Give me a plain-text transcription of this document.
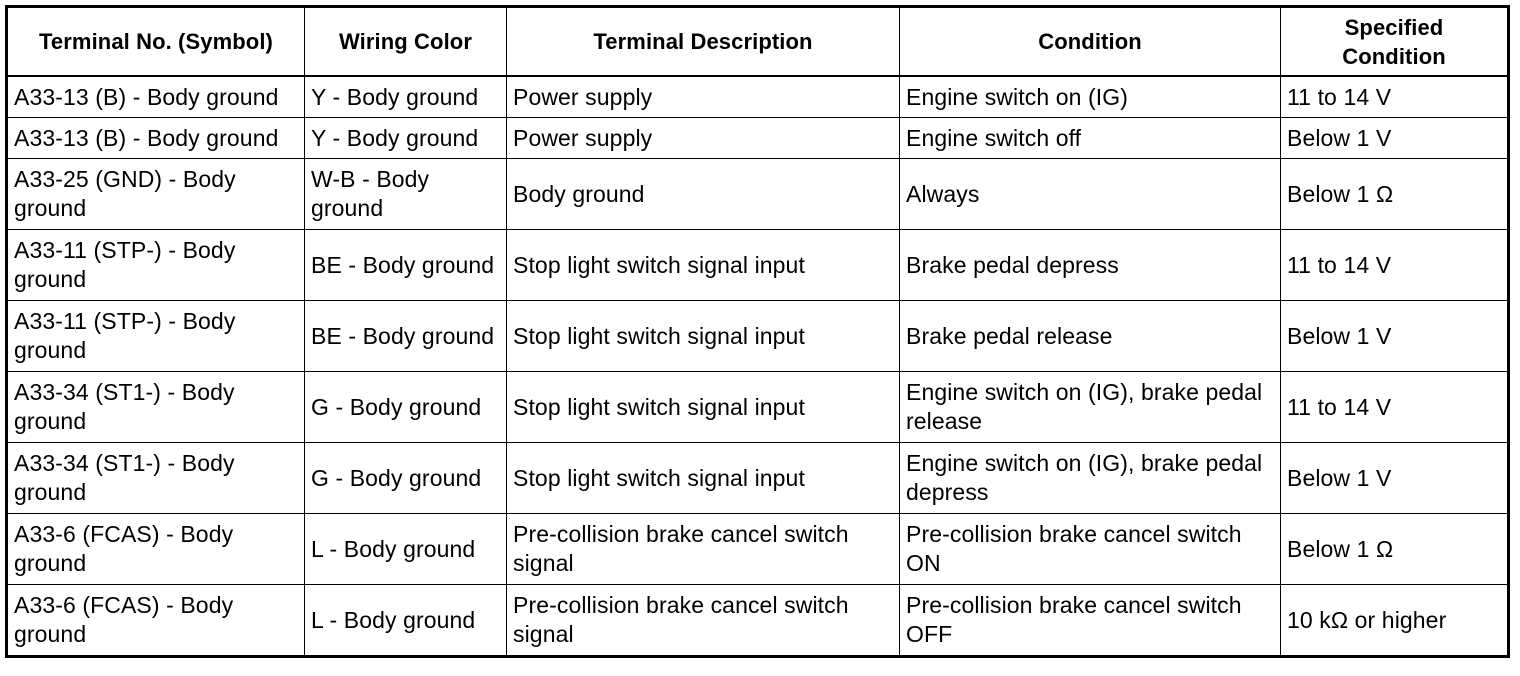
Terminal No. (Symbol)	Wiring Color	Terminal Description	Condition	Specified Condition
A33-13 (B) - Body ground	Y - Body ground	Power supply	Engine switch on (IG)	11 to 14 V
A33-13 (B) - Body ground	Y - Body ground	Power supply	Engine switch off	Below 1 V
A33-25 (GND) - Body ground	W-B - Body ground	Body ground	Always	Below 1 Ω
A33-11 (STP-) - Body ground	BE - Body ground	Stop light switch signal input	Brake pedal depress	11 to 14 V
A33-11 (STP-) - Body ground	BE - Body ground	Stop light switch signal input	Brake pedal release	Below 1 V
A33-34 (ST1-) - Body ground	G - Body ground	Stop light switch signal input	Engine switch on (IG), brake pedal release	11 to 14 V
A33-34 (ST1-) - Body ground	G - Body ground	Stop light switch signal input	Engine switch on (IG), brake pedal depress	Below 1 V
A33-6 (FCAS) - Body ground	L - Body ground	Pre-collision brake cancel switch signal	Pre-collision brake cancel switch ON	Below 1 Ω
A33-6 (FCAS) - Body ground	L - Body ground	Pre-collision brake cancel switch signal	Pre-collision brake cancel switch OFF	10 kΩ or higher
